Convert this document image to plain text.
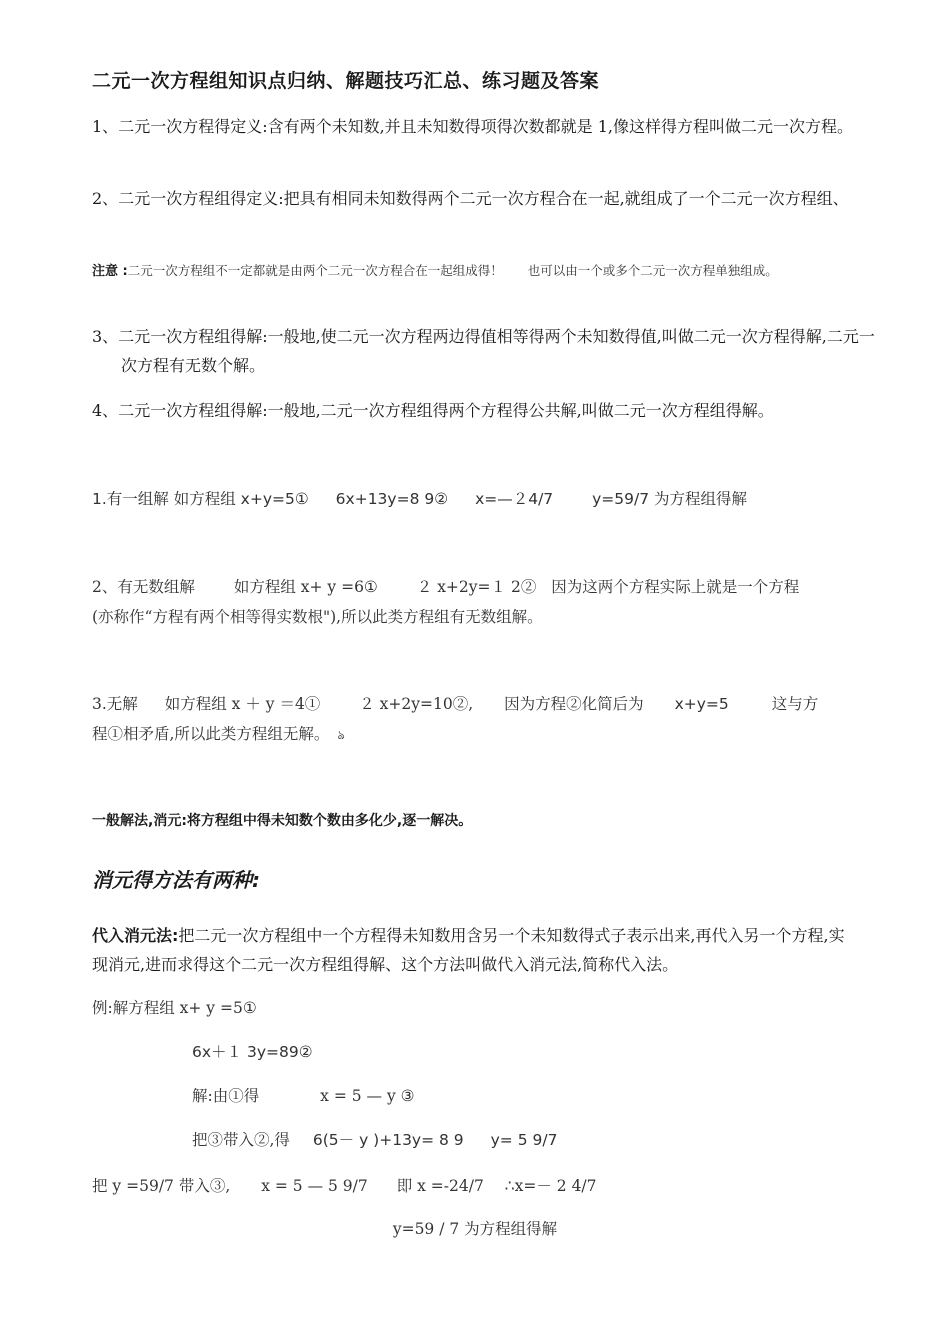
二元一次方程组知识点归纳、解题技巧汇总、练习题及答案
1、二元一次方程得定义:含有两个未知数,并且未知数得项得次数都就是 1,像这样得方程叫做二元一次方程。
2、二元一次方程组得定义:把具有相同未知数得两个二元一次方程合在一起,就组成了一个二元一次方程组、
注意 :二元一次方程组不一定都就是由两个二元一次方程合在一起组成得！　　也可以由一个或多个二元一次方程单独组成。
3、二元一次方程组得解:一般地,使二元一次方程两边得值相等得两个未知数得值,叫做二元一次方程得解,二元一次方程有无数个解。
4、二元一次方程组得解:一般地,二元一次方程组得两个方程得公共解,叫做二元一次方程组得解。
1.有一组解 如方程组 x+y=5① 6x+13y=8 9② x=—２4/7	y=59/7 为方程组得解
2、有无数组解	如方程组 x+ y =6①	２ x+2y=１ 2② 因为这两个方程实际上就是一个方程
(亦称作“方程有两个相等得实数根"),所以此类方程组有无数组解。
3.无解 如方程组 x ＋ y ＝4①	２ x+2y=10②, 因为方程②化简后为 x+y=5	这与方
程①相矛盾,所以此类方程组无解。 ঌ
一般解法,消元:将方程组中得未知数个数由多化少,逐一解决。
消元得方法有两种:
代入消元法:把二元一次方程组中一个方程得未知数用含另一个未知数得式子表示出来,再代入另一个方程,实现消元,进而求得这个二元一次方程组得解、这个方法叫做代入消元法,简称代入法。
例:解方程组 x+ y =5①
6x＋１ 3y=89②
解:由①得	x = 5 — y ③
把③带入②,得 6(5－ y )+13y= 8 9 y= 5 9/7
把 y =59/7 带入③, x = 5 — 5 9/7 即 x =-24/7 ∴x=－ 2 4/7
y=59 / 7 为方程组得解
